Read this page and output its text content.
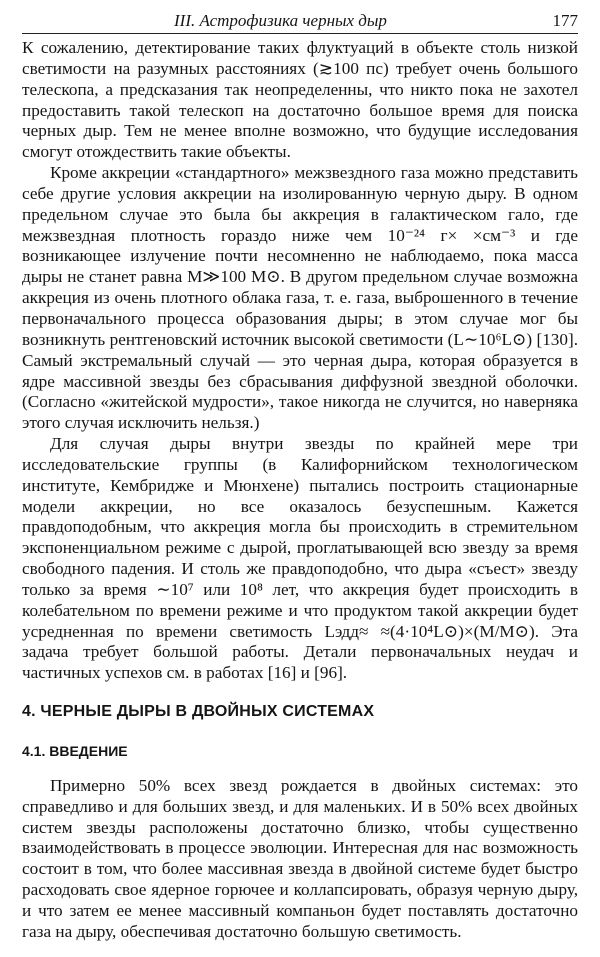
III. Астрофизика черных дыр	177

К сожалению, детектирование таких флуктуаций в объекте столь низкой светимости на разумных расстояниях (≳100 пс) требует очень большого телескопа, а предсказания так неопределенны, что никто пока не захотел предоставить такой телескоп на достаточно большое время для поиска черных дыр. Тем не менее вполне возможно, что будущие исследования смогут отождествить такие объекты.

Кроме аккреции «стандартного» межзвездного газа можно представить себе другие условия аккреции на изолированную черную дыру. В одном предельном случае это была бы аккреция в галактическом гало, где межзвездная плотность гораздо ниже чем 10⁻²⁴ г× ×см⁻³ и где возникающее излучение почти несомненно не наблюдаемо, пока масса дыры не станет равна M≫100 M⊙. В другом предельном случае возможна аккреция из очень плотного облака газа, т. е. газа, выброшенного в течение первоначального процесса образования дыры; в этом случае мог бы возникнуть рентгеновский источник высокой светимости (L∼10⁶L⊙) [130]. Самый экстремальный случай — это черная дыра, которая образуется в ядре массивной звезды без сбрасывания диффузной звездной оболочки. (Согласно «житейской мудрости», такое никогда не случится, но наверняка этого случая исключить нельзя.)

Для случая дыры внутри звезды по крайней мере три исследовательские группы (в Калифорнийском технологическом институте, Кембридже и Мюнхене) пытались построить стационарные модели аккреции, но все оказалось безуспешным. Кажется правдоподобным, что аккреция могла бы происходить в стремительном экспоненциальном режиме с дырой, проглатывающей всю звезду за время свободного падения. И столь же правдоподобно, что дыра «съест» звезду только за время ∼10⁷ или 10⁸ лет, что аккреция будет происходить в колебательном по времени режиме и что продуктом такой аккреции будет усредненная по времени светимость Lэдд≈ ≈(4·10⁴L⊙)×(M/M⊙). Эта задача требует большой работы. Детали первоначальных неудач и частичных успехов см. в работах [16] и [96].

4. ЧЕРНЫЕ ДЫРЫ В ДВОЙНЫХ СИСТЕМАХ
4.1. ВВЕДЕНИЕ

Примерно 50% всех звезд рождается в двойных системах: это справедливо и для больших звезд, и для маленьких. И в 50% всех двойных систем звезды расположены достаточно близко, чтобы существенно взаимодействовать в процессе эволюции. Интересная для нас возможность состоит в том, что более массивная звезда в двойной системе будет быстро расходовать свое ядерное горючее и коллапсировать, образуя черную дыру, и что затем ее менее массивный компаньон будет поставлять достаточно газа на дыру, обеспечивая достаточно большую светимость.
